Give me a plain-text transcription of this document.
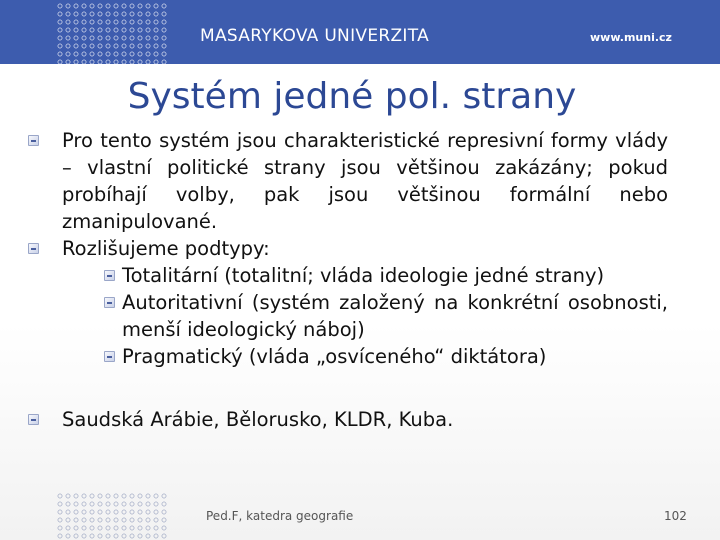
MASARYKOVA UNIVERZITA	www.muni.cz
Systém jedné pol. strany
Pro tento systém jsou charakteristické represivní formy vlády – vlastní politické strany jsou většinou zakázány; pokud probíhají volby, pak jsou většinou formální nebo zmanipulované.
Rozlišujeme podtypy:
Totalitární (totalitní; vláda ideologie jedné strany)
Autoritativní (systém založený na konkrétní osobnosti, menší ideologický náboj)
Pragmatický (vláda „osvíceného“ diktátora)
Saudská Arábie, Bělorusko, KLDR, Kuba.
Ped.F, katedra geografie	102
